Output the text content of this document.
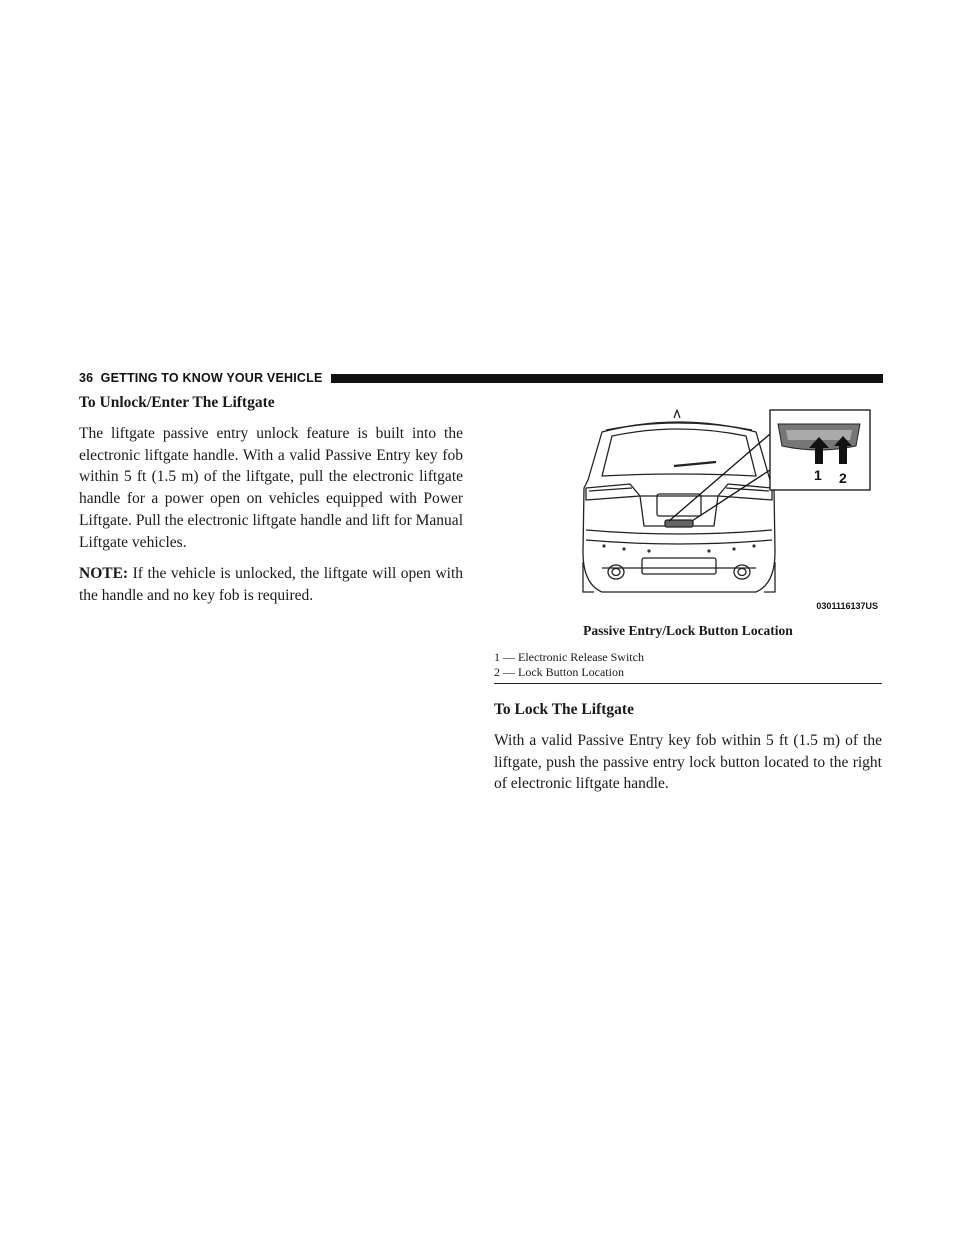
36 GETTING TO KNOW YOUR VEHICLE
To Unlock/Enter The Liftgate

The liftgate passive entry unlock feature is built into the electronic liftgate handle. With a valid Passive Entry key fob within 5 ft (1.5 m) of the liftgate, pull the electronic liftgate handle for a power open on vehicles equipped with Power Liftgate. Pull the electronic liftgate handle and lift for Manual Liftgate vehicles.

NOTE: If the vehicle is unlocked, the liftgate will open with the handle and no key fob is required.

1 2
0301116137US
Passive Entry/Lock Button Location
1 — Electronic Release Switch
2 — Lock Button Location
To Lock The Liftgate

With a valid Passive Entry key fob within 5 ft (1.5 m) of the liftgate, push the passive entry lock button located to the right of electronic liftgate handle.
